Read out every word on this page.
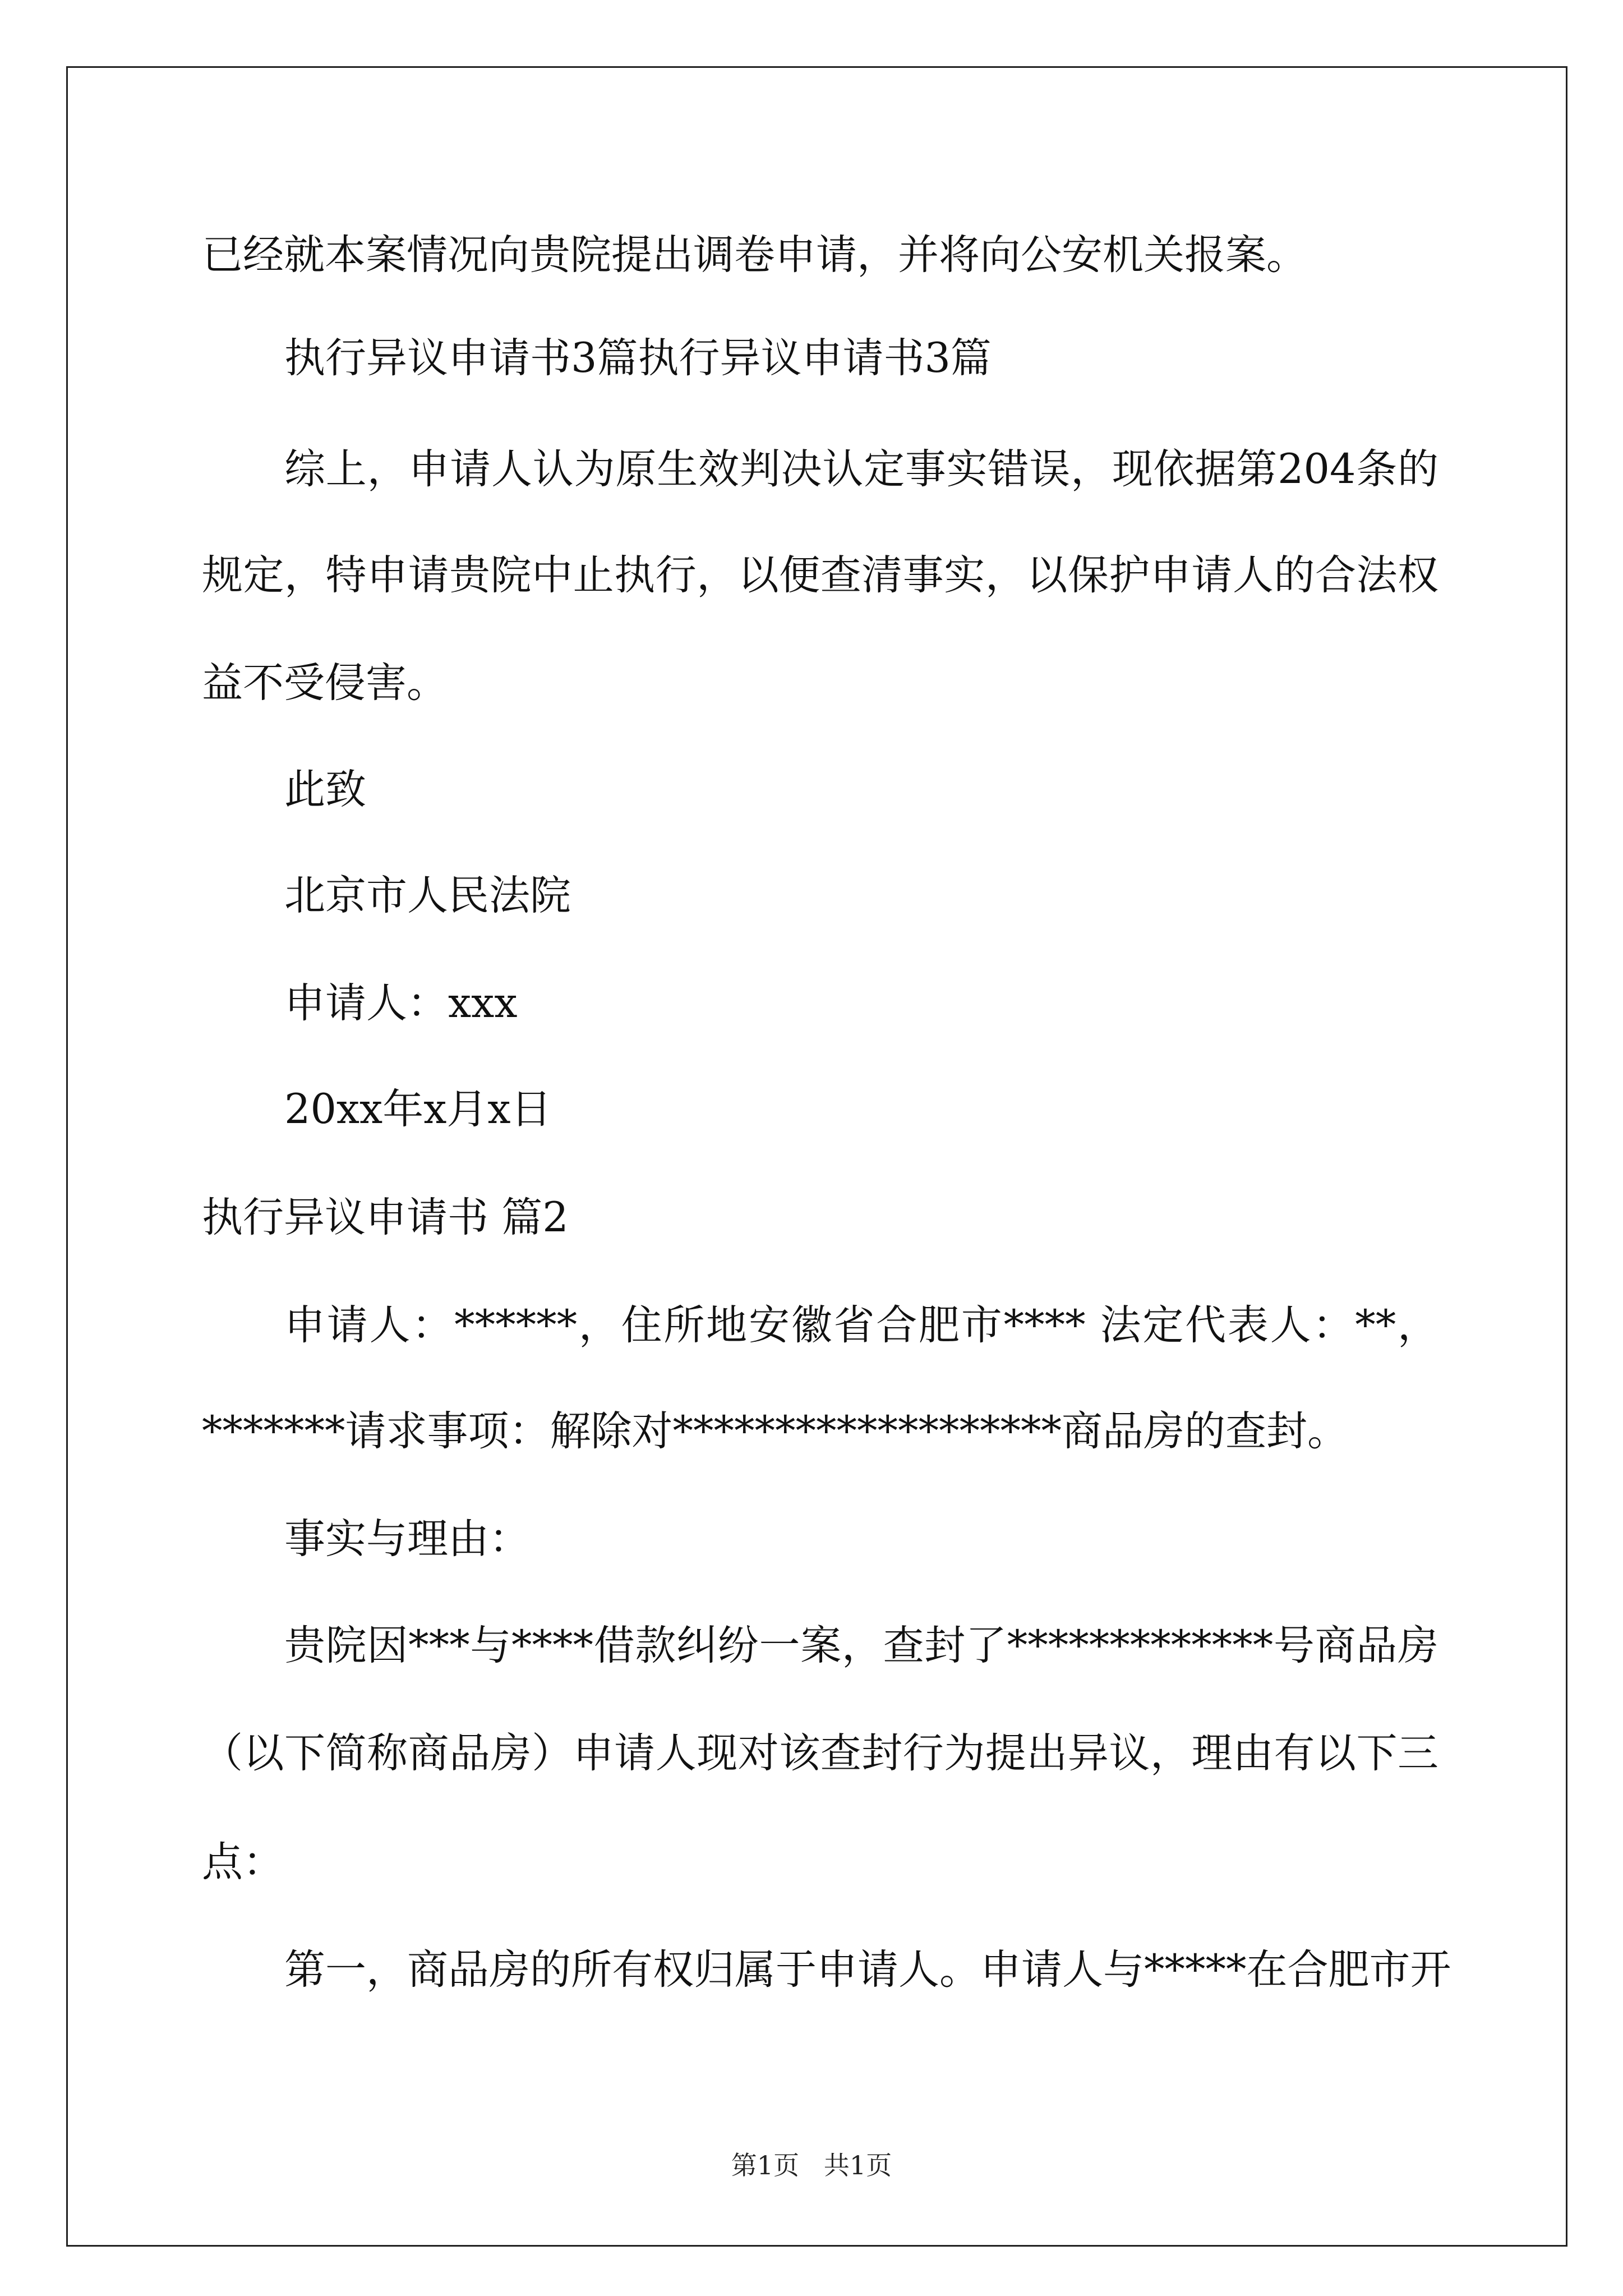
已经就本案情况向贵院提出调卷申请，并将向公安机关报案。
执行异议申请书3篇执行异议申请书3篇
综上，申请人认为原生效判决认定事实错误，现依据第204条的
规定，特申请贵院中止执行，以便查清事实，以保护申请人的合法权
益不受侵害。
此致
北京市人民法院
申请人：xxx
20xx年x月x日
执行异议申请书 篇2
申请人：******，住所地安徽省合肥市**** 法定代表人：**，
*******请求事项：解除对*******************商品房的查封。
事实与理由：
贵院因***与****借款纠纷一案，查封了*************号商品房
（以下简称商品房）申请人现对该查封行为提出异议，理由有以下三
点：
第一，商品房的所有权归属于申请人。申请人与*****在合肥市开
第1页   共1页
